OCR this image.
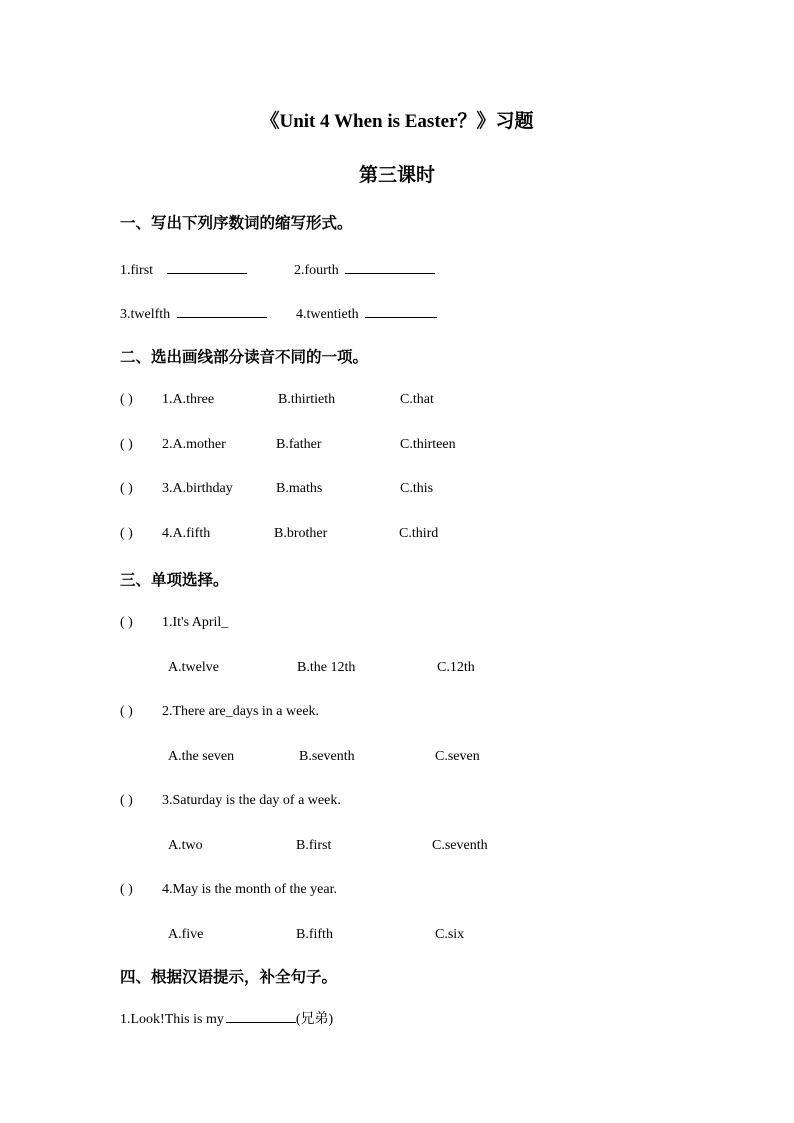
《Unit 4 When is Easter？》习题
第三课时
一、写出下列序数词的缩写形式。
1.first	2.fourth
3.twelfth	4.twentieth
二、选出画线部分读音不同的一项。
( ) 1.A.three	B.thirtieth	C.that
( ) 2.A.mother	B.father	C.thirteen
( ) 3.A.birthday	B.maths	C.this
( ) 4.A.fifth	B.brother	C.third
三、单项选择。
( ) 1.It's April_
A.twelve	B.the 12th	C.12th
( ) 2.There are_days in a week.
A.the seven	B.seventh	C.seven
( ) 3.Saturday is the day of a week.
A.two	B.first	C.seventh
( ) 4.May is the month of the year.
A.five	B.fifth	C.six
四、根据汉语提示，补全句子。
1.Look!This is my	(兄弟)
